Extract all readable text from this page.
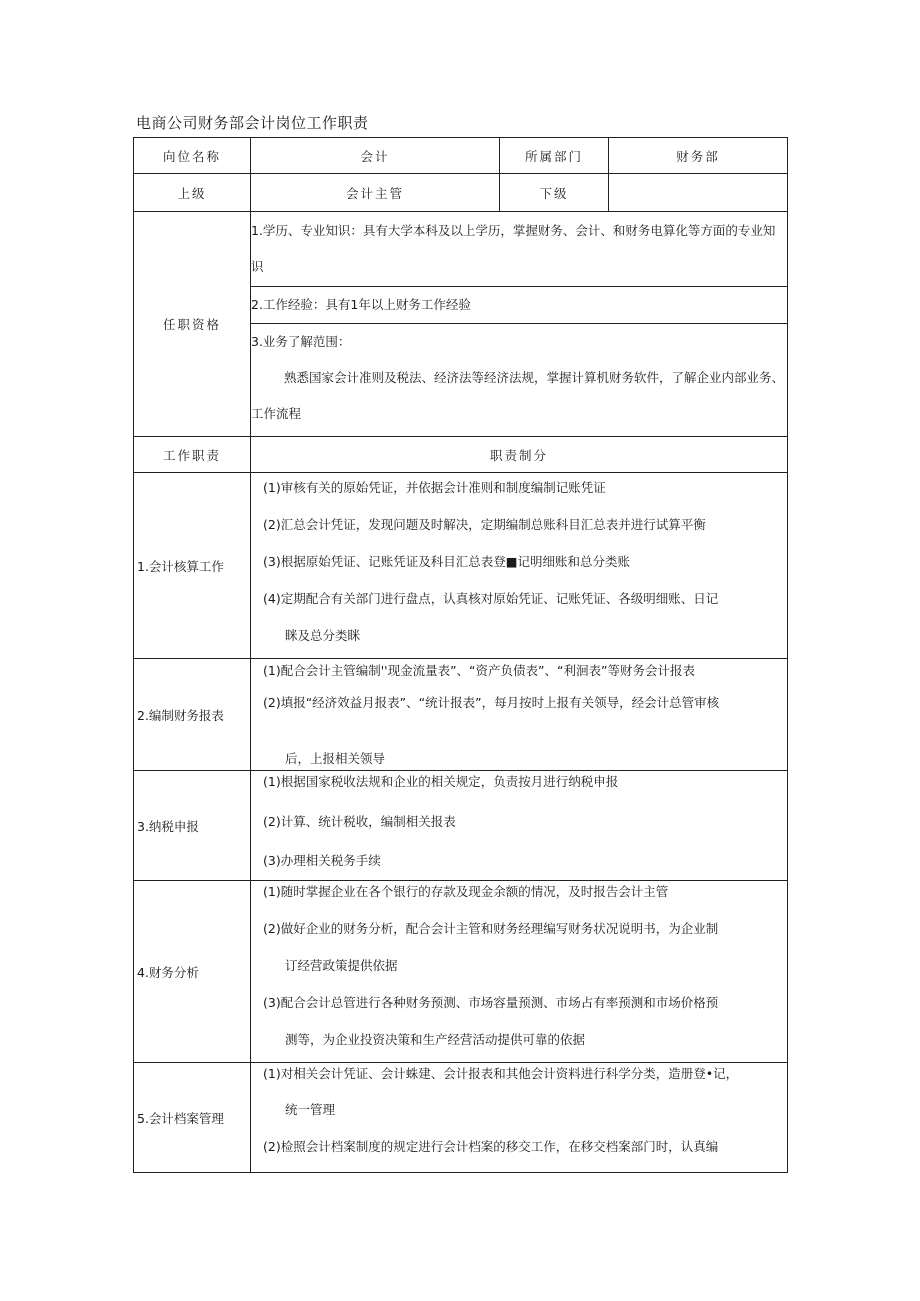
电商公司财务部会计岗位工作职责
向位名称	会计	所属部门	财务部
上级	会计主管	下级	
任职资格	1.学历、专业知识：具有大学本科及以上学历，掌握财务、会计、和财务电算化等方面的专业知识		
	2.工作经验：具有1年以上财务工作经验		

	3.业务了解范围：
熟悉国家会计准则及税法、经济法等经济法规，掌握计算机财务软件，了解企业内部业务、工作流程		

工作职责	职责制分		
1.会计核算工作	(1)审核有关的原始凭证，并依据会计准则和制度编制记账凭证
(2)汇总会计凭证，发现问题及时解决，定期编制总账科目汇总表并进行试算平衡
(3)根据原始凭证、记账凭证及科目汇总表登■记明细账和总分类账
(4)定期配合有关部门进行盘点，认真核对原始凭证、记账凭证、各级明细账、日记
眯及总分类眯		

2.编制财务报表	(1)配合会计主管编制''现金流量表”、“资产负债表”、“利洄表”等财务会计报表
(2)填报“经济效益月报表”、“统计报表”，每月按时上报有关领导，经会计总管审核
后，上报相关领导		

3.纳税申报	(1)根据国家税收法规和企业的相关规定，负责按月进行纳税申报
(2)计算、统计税收，编制相关报表
(3)办理相关税务手续		

4.财务分析	(1)随时掌握企业在各个银行的存款及现金余额的情况，及时报告会计主管
(2)做好企业的财务分析，配合会计主管和财务经理编写财务状况说明书，为企业制
订经营政策提供依据
(3)配合会计总管进行各种财务预测、市场容量预测、市场占有率预测和市场价格预
测等，为企业投资决策和生产经营活动提供可靠的依据		

5.会计档案管理	(1)对相关会计凭证、会计蛛建、会计报表和其他会计资料进行科学分类，造册登•记，
统一管理
(2)检照会计档案制度的规定进行会计档案的移交工作，在移交档案部门时，认真编		
